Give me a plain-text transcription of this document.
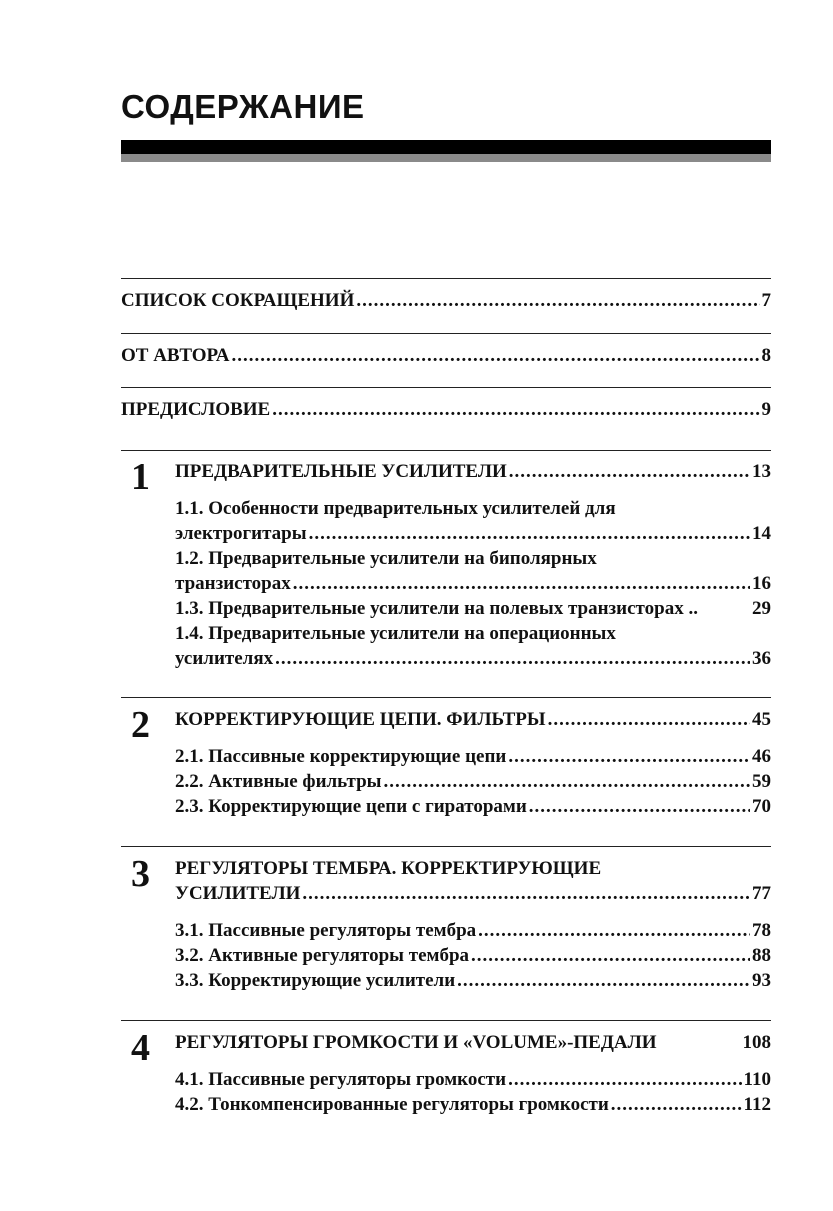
СОДЕРЖАНИЕ
СПИСОК СОКРАЩЕНИЙ .....	7
ОТ АВТОРА .....	8
ПРЕДИСЛОВИЕ .....	9
1 ПРЕДВАРИТЕЛЬНЫЕ УСИЛИТЕЛИ .....	13
1.1. Особенности предварительных усилителей для
электрогитары .....	14
1.2. Предварительные усилители на биполярных
транзисторах .....	16
1.3. Предварительные усилители на полевых транзисторах ..	29
1.4. Предварительные усилители на операционных
усилителях .....	36
2 КОРРЕКТИРУЮЩИЕ ЦЕПИ. ФИЛЬТРЫ .....	45
2.1. Пассивные корректирующие цепи .....	46
2.2. Активные фильтры .....	59
2.3. Корректирующие цепи с гираторами .....	70
3 РЕГУЛЯТОРЫ ТЕМБРА. КОРРЕКТИРУЮЩИЕ
УСИЛИТЕЛИ .....	77
3.1. Пассивные регуляторы тембра .....	78
3.2. Активные регуляторы тембра .....	88
3.3. Корректирующие усилители .....	93
4 РЕГУЛЯТОРЫ ГРОМКОСТИ И «VOLUME»-ПЕДАЛИ	108
4.1. Пассивные регуляторы громкости .....	110
4.2. Тонкомпенсированные регуляторы громкости .....	112
